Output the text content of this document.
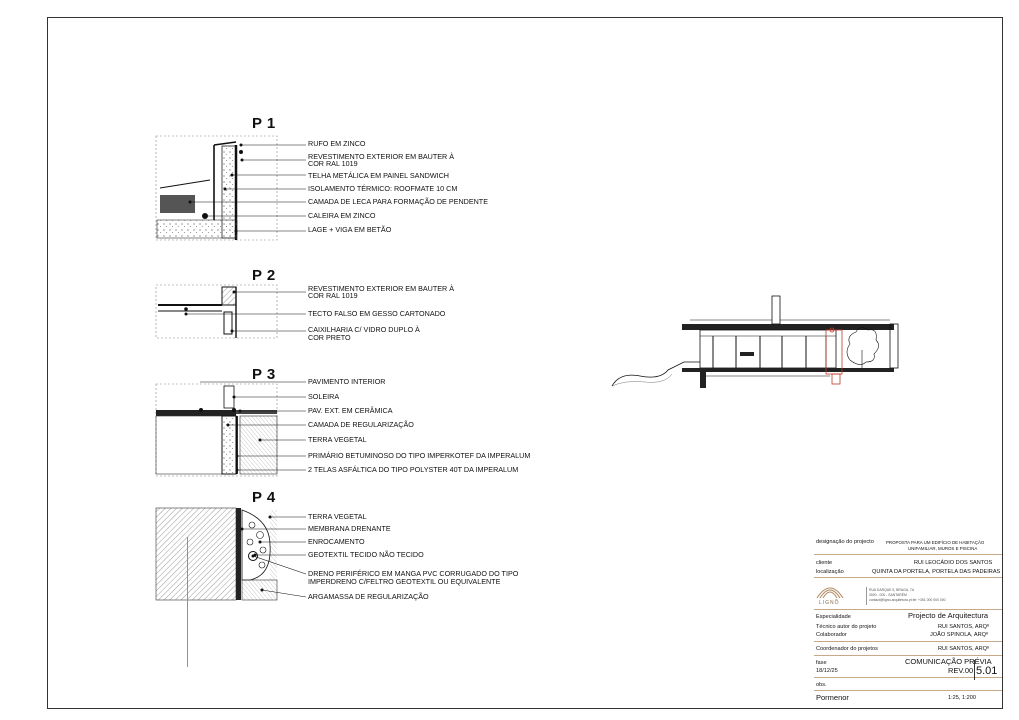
P 1
P 2
P 3
P 4
RUFO EM ZINCO
REVESTIMENTO EXTERIOR EM BAUTER À
COR RAL 1019
TELHA METÁLICA EM PAINEL SANDWICH
ISOLAMENTO TÉRMICO: ROOFMATE 10 CM
CAMADA DE LECA PARA FORMAÇÃO DE PENDENTE
CALEIRA EM ZINCO
LAGE + VIGA EM BETÃO
REVESTIMENTO EXTERIOR EM BAUTER À
COR RAL 1019
TECTO FALSO EM GESSO CARTONADO
CAIXILHARIA C/ VIDRO DUPLO À
COR PRETO
PAVIMENTO INTERIOR
SOLEIRA
PAV. EXT. EM CERÂMICA
CAMADA DE REGULARIZAÇÃO
TERRA VEGETAL
PRIMÁRIO BETUMINOSO DO TIPO IMPERKOTEF DA IMPERALUM
2 TELAS ASFÁLTICA DO TIPO POLYSTER 40T DA IMPERALUM
TERRA VEGETAL
MEMBRANA DRENANTE
ENROCAMENTO
GEOTEXTIL TECIDO NÃO TECIDO
DRENO PERIFÉRICO EM MANGA PVC CORRUGADO DO TIPO
IMPERDRENO C/FELTRO GEOTEXTIL OU EQUIVALENTE
ARGAMASSA DE REGULARIZAÇÃO
designação do projecto	PROPOSTA PARA UM EDIFÍCIO DE HABITAÇÃO
UNIFAMILIAR, MUROS E PISCINA
cliente	RUI LEOCÁDIO DOS SANTOS
localização	QUINTA DA PORTELA, PORTELA DAS PADEIRAS
LIGNÕ
RUA DARQUE 9, BRAGA, 7A
3000 - 000 - SANTARÉM
contact@ligno-arquitetura.pt tel: +351 000 000 000
Especialidade	Projecto de Arquitectura
Técnico autor do projeto	RUI SANTOS, ARQº
Colaborador	JOÃO SPINOLA, ARQº
Coordenador do projetos	RUI SANTOS, ARQº
fase	COMUNICAÇÃO PRÉVIA
18/12/25	REV.00
obs.
Pormenor	1:25, 1:200
5.01
